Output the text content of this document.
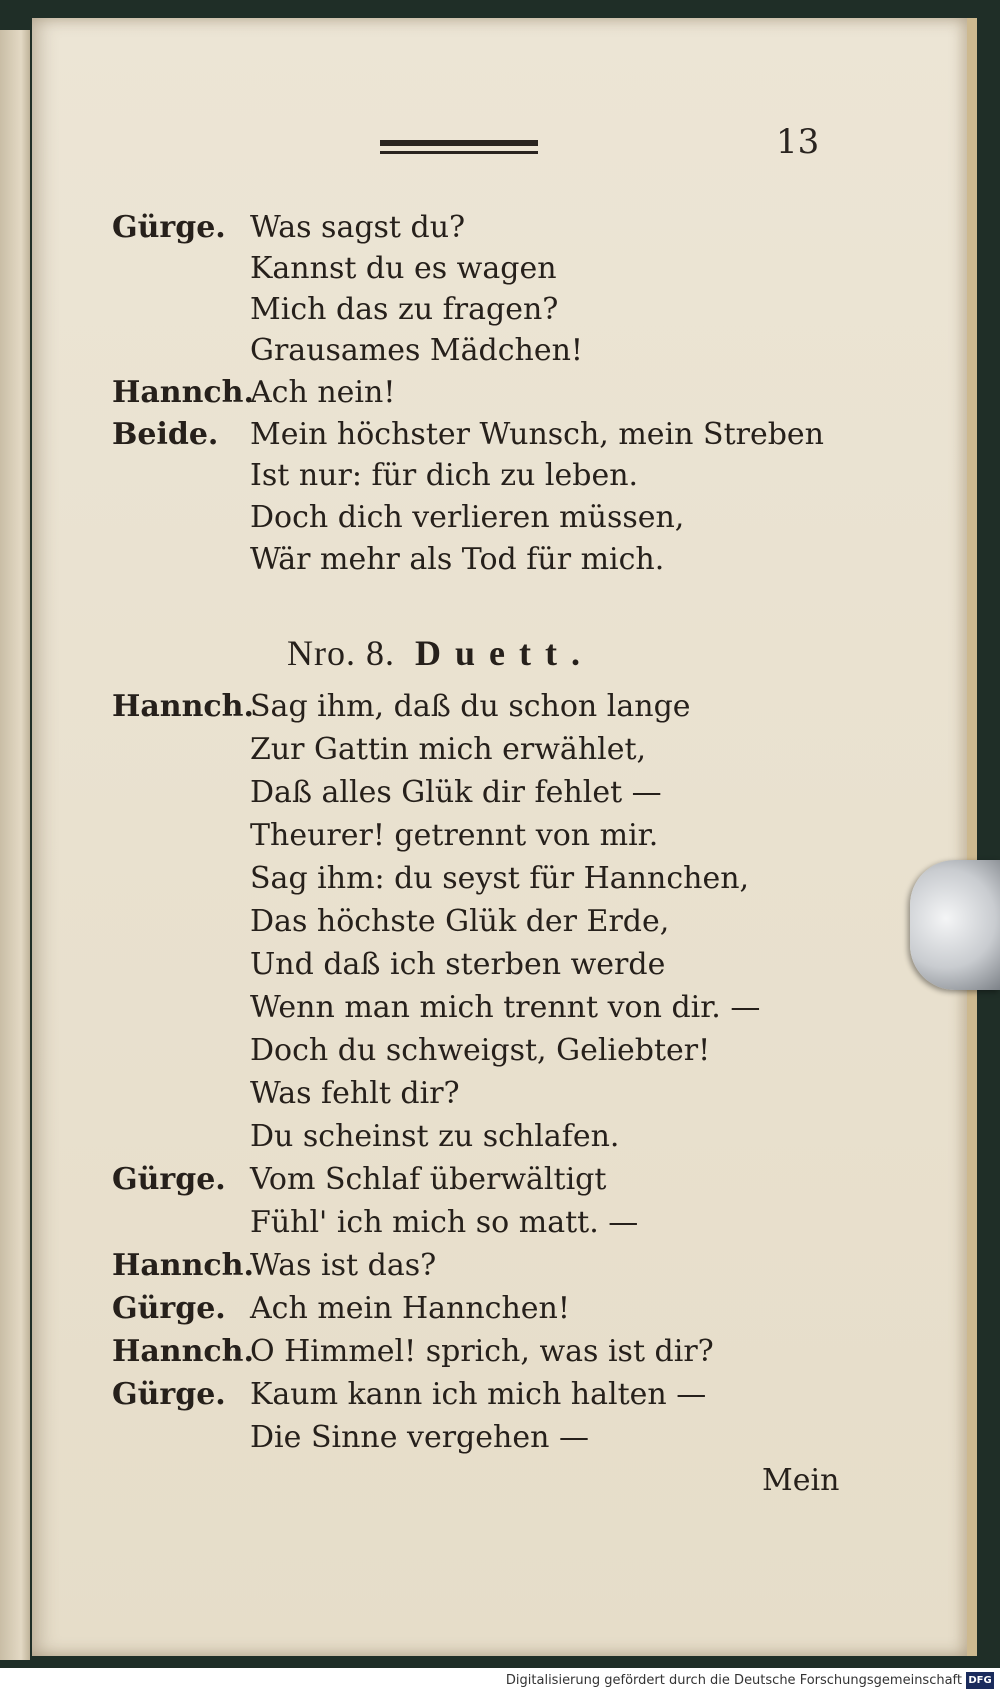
13
Gürge. Was sagst du?
Kannst du es wagen
Mich das zu fragen?
Grausames Mädchen!
Hannch.
Ach nein!
Beide. Mein höchster Wunsch, mein Streben
Ist nur: für dich zu leben.
Doch dich verlieren müssen,
Wär mehr als Tod für mich.
Nro. 8. Duett.
Hannch.
Sag ihm, daß du schon lange
Zur Gattin mich erwählet,
Daß alles Glük dir fehlet —
Theurer! getrennt von mir.
Sag ihm: du seyst für Hannchen,
Das höchste Glük der Erde,
Und daß ich sterben werde
Wenn man mich trennt von dir. —
Doch du schweigst, Geliebter!
Was fehlt dir?
Du scheinst zu schlafen.
Gürge. Vom Schlaf überwältigt
Fühl' ich mich so matt. —
Hannch.
Was ist das?
Gürge. Ach mein Hannchen!
Hannch.
O Himmel! sprich, was ist dir?
Gürge. Kaum kann ich mich halten —
Die Sinne vergehen —
Mein
Digitalisierung gefördert durch die Deutsche Forschungsgemeinschaft DFG
